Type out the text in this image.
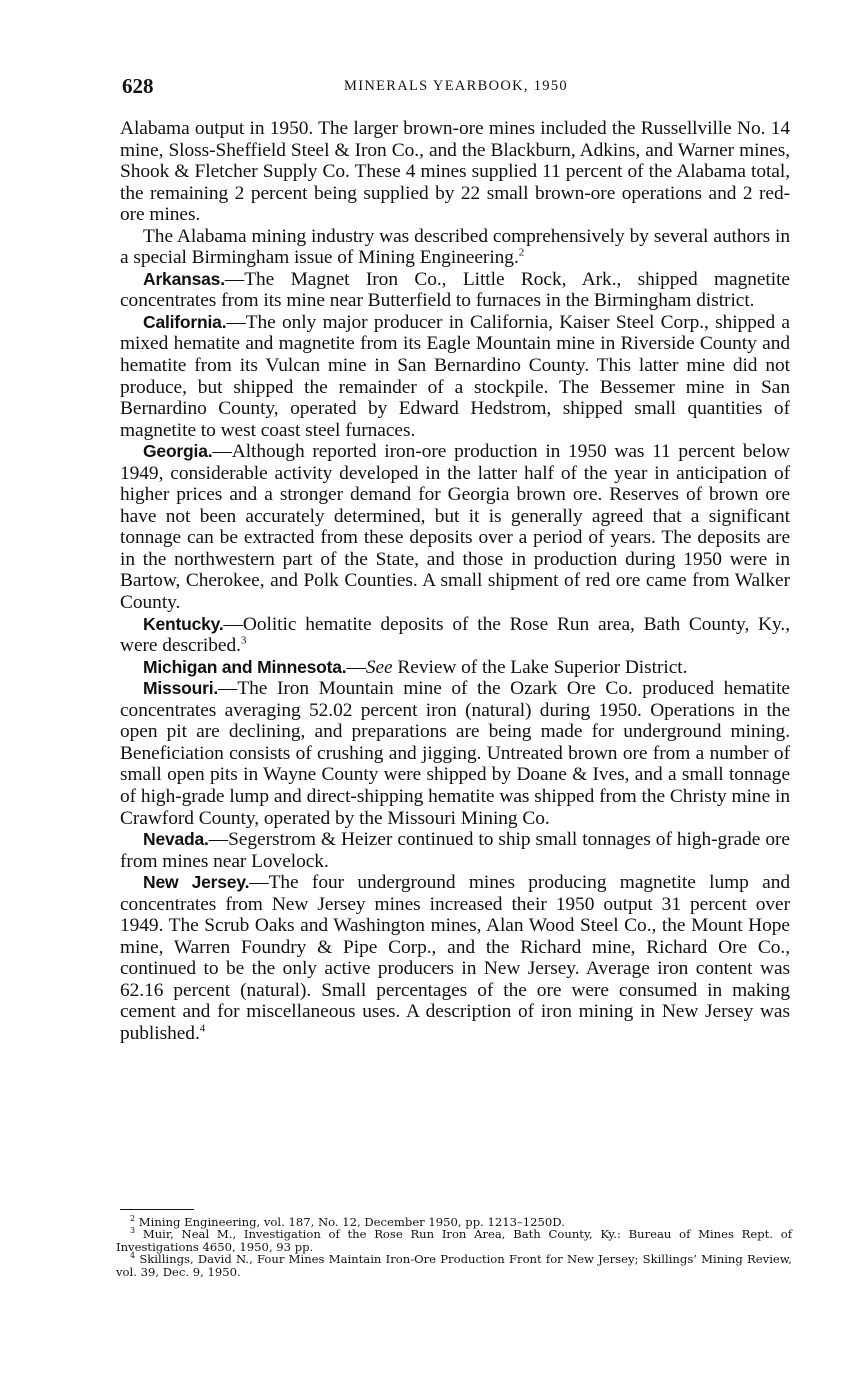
628	MINERALS YEARBOOK, 1950

Alabama output in 1950. The larger brown-ore mines included the Russellville No. 14 mine, Sloss-Sheffield Steel & Iron Co., and the Blackburn, Adkins, and Warner mines, Shook & Fletcher Supply Co. These 4 mines supplied 11 percent of the Alabama total, the remaining 2 percent being supplied by 22 small brown-ore operations and 2 red-ore mines.

The Alabama mining industry was described comprehensively by several authors in a special Birmingham issue of Mining Engineering.$^2$

Arkansas.—The Magnet Iron Co., Little Rock, Ark., shipped magnetite concentrates from its mine near Butterfield to furnaces in the Birmingham district.

California.—The only major producer in California, Kaiser Steel Corp., shipped a mixed hematite and magnetite from its Eagle Mountain mine in Riverside County and hematite from its Vulcan mine in San Bernardino County. This latter mine did not produce, but shipped the remainder of a stockpile. The Bessemer mine in San Bernardino County, operated by Edward Hedstrom, shipped small quantities of magnetite to west coast steel furnaces.

Georgia.—Although reported iron-ore production in 1950 was 11 percent below 1949, considerable activity developed in the latter half of the year in anticipation of higher prices and a stronger demand for Georgia brown ore. Reserves of brown ore have not been accurately determined, but it is generally agreed that a significant tonnage can be extracted from these deposits over a period of years. The deposits are in the northwestern part of the State, and those in production during 1950 were in Bartow, Cherokee, and Polk Counties. A small shipment of red ore came from Walker County.

Kentucky.—Oolitic hematite deposits of the Rose Run area, Bath County, Ky., were described.$^3$

Michigan and Minnesota.—See Review of the Lake Superior District.

Missouri.—The Iron Mountain mine of the Ozark Ore Co. produced hematite concentrates averaging 52.02 percent iron (natural) during 1950. Operations in the open pit are declining, and preparations are being made for underground mining. Beneficiation consists of crushing and jigging. Untreated brown ore from a number of small open pits in Wayne County were shipped by Doane & Ives, and a small tonnage of high-grade lump and direct-shipping hematite was shipped from the Christy mine in Crawford County, operated by the Missouri Mining Co.

Nevada.—Segerstrom & Heizer continued to ship small tonnages of high-grade ore from mines near Lovelock.

New Jersey.—The four underground mines producing magnetite lump and concentrates from New Jersey mines increased their 1950 output 31 percent over 1949. The Scrub Oaks and Washington mines, Alan Wood Steel Co., the Mount Hope mine, Warren Foundry & Pipe Corp., and the Richard mine, Richard Ore Co., continued to be the only active producers in New Jersey. Average iron content was 62.16 percent (natural). Small percentages of the ore were consumed in making cement and for miscellaneous uses. A description of iron mining in New Jersey was published.$^4$

$^2$ Mining Engineering, vol. 187, No. 12, December 1950, pp. 1213–1250D.

$^3$ Muir, Neal M., Investigation of the Rose Run Iron Area, Bath County, Ky.: Bureau of Mines Rept. of Investigations 4650, 1950, 93 pp.

$^4$ Skillings, David N., Four Mines Maintain Iron-Ore Production Front for New Jersey; Skillings’ Mining Review, vol. 39, Dec. 9, 1950.
